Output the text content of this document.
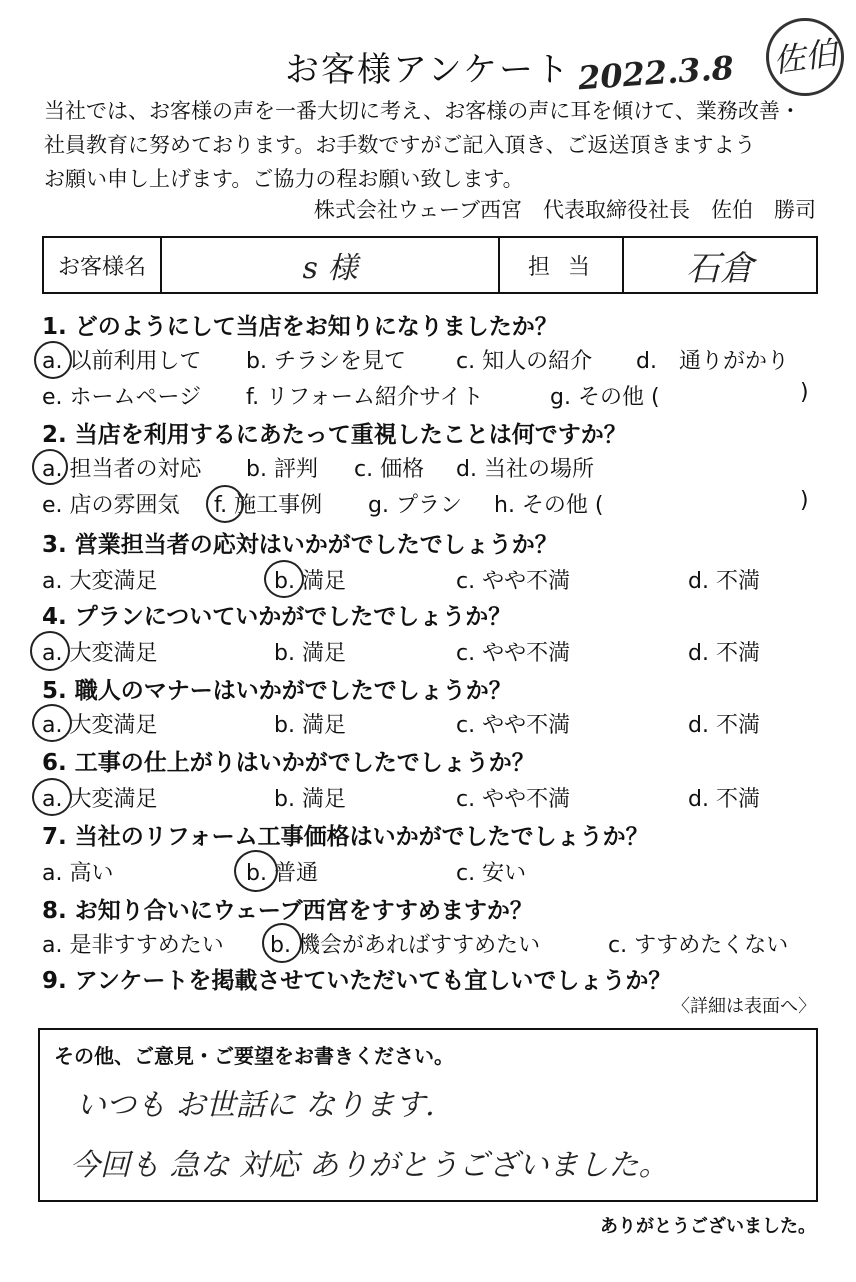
お客様アンケート 2022.3.8 佐伯
当社では、お客様の声を一番大切に考え、お客様の声に耳を傾けて、業務改善・
社員教育に努めております。お手数ですがご記入頂き、ご返送頂きますよう
お願い申し上げます。ご協力の程お願い致します。
株式会社ウェーブ西宮　代表取締役社長　佐伯　勝司
お客様名	s 様	担当	石倉
1. どのようにして当店をお知りになりましたか？
a. 以前利用して b. チラシを見て c. 知人の紹介 d.　通りがかり
e. ホームページ f. リフォーム紹介サイト	g. その他 (	)
2. 当店を利用するにあたって重視したことは何ですか？
a. 担当者の対応 b. 評判 c. 価格 d. 当社の場所
e. 店の雰囲気 f. 施工事例 g. プラン h. その他 (	)
3. 営業担当者の応対はいかがでしたでしょうか？
a. 大変満足	b. 満足	c. やや不満	d. 不満
4. プランについていかがでしたでしょうか？
a. 大変満足	b. 満足	c. やや不満	d. 不満
5. 職人のマナーはいかがでしたでしょうか？
a. 大変満足	b. 満足	c. やや不満	d. 不満
6. 工事の仕上がりはいかがでしたでしょうか？
a. 大変満足	b. 満足	c. やや不満	d. 不満
7. 当社のリフォーム工事価格はいかがでしたでしょうか？
a. 高い	b. 普通	c. 安い
8. お知り合いにウェーブ西宮をすすめますか？
a. 是非すすめたい b. 機会があればすすめたい	c. すすめたくない
9. アンケートを掲載させていただいても宜しいでしょうか？
〈詳細は表面へ〉
その他、ご意見・ご要望をお書きください。
いつも お世話に なります.
今回も 急な 対応 ありがとうございました。
ありがとうございました。
